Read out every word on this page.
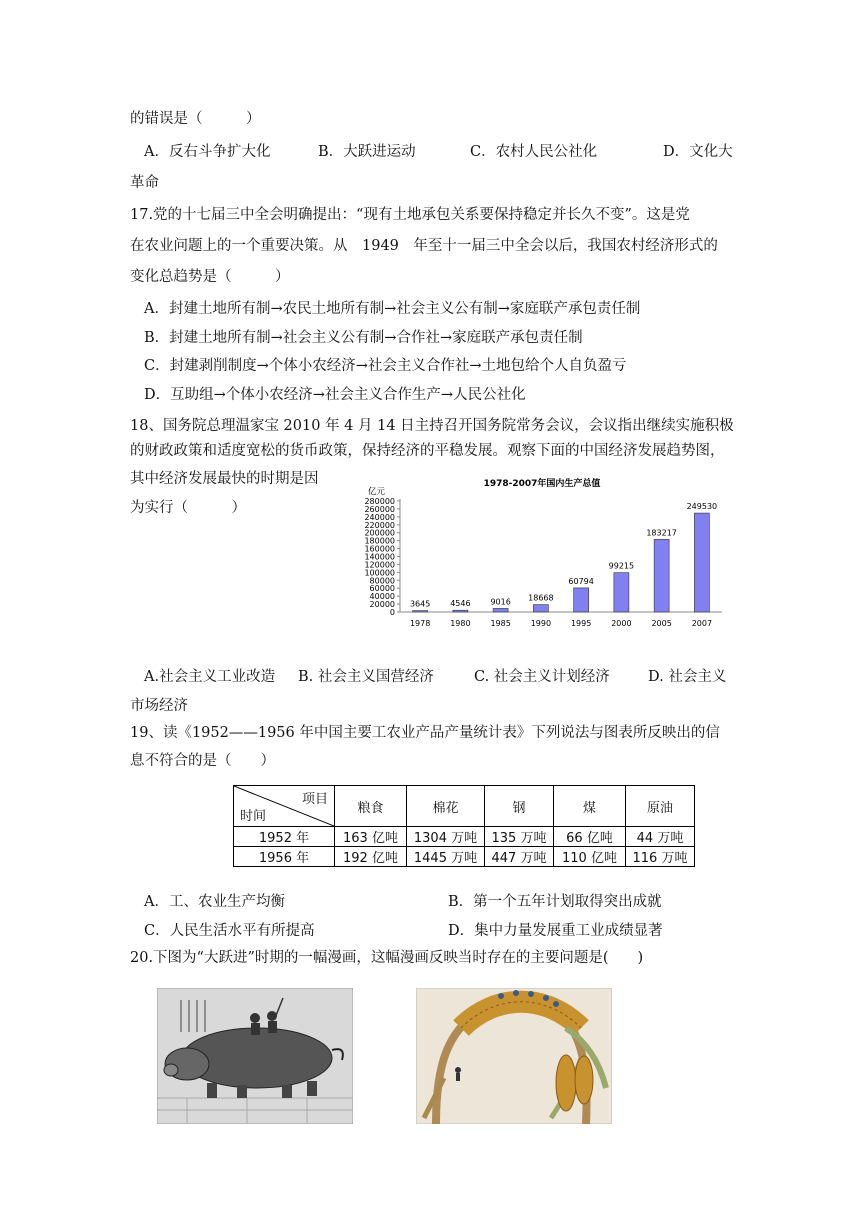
的错误是（　　　）
A．反右斗争扩大化	B．大跃进运动	C．农村人民公社化	D．文化大
革命
17.党的十七届三中全会明确提出：“现有土地承包关系要保持稳定并长久不变”。这是党
在农业问题上的一个重要决策。从　1949　年至十一届三中全会以后，我国农村经济形式的
变化总趋势是（　　　）
A．封建土地所有制→农民土地所有制→社会主义公有制→家庭联产承包责任制
B．封建土地所有制→社会主义公有制→合作社→家庭联产承包责任制
C．封建剥削制度→个体小农经济→社会主义合作社→土地包给个人自负盈亏
D．互助组→个体小农经济→社会主义合作生产→人民公社化
18、国务院总理温家宝 2010 年 4 月 14 日主持召开国务院常务会议，会议指出继续实施积极
的财政政策和适度宽松的货币政策，保持经济的平稳发展。观察下面的中国经济发展趋势图，
其中经济发展最快的时期是因
为实行（　　　）
1978-2007年国内生产总值
亿元
0
20000
40000
60000
80000
100000
120000
140000
160000
180000
200000
220000
240000
260000
280000
3645
1978
4546
1980
9016
1985
18668
1990
60794
1995
99215
2000
183217
2005
249530
2007
A.社会主义工业改造 B. 社会主义国营经济	C. 社会主义计划经济	D. 社会主义
市场经济
19、读《1952——1956 年中国主要工农业产品产量统计表》下列说法与图表所反映出的信
息不符合的是（　　）
项目
时间	粮食	棉花	钢	煤	原油
1952 年	163 亿吨	1304 万吨	135 万吨	66 亿吨	44 万吨
1956 年	192 亿吨	1445 万吨	447 万吨	110 亿吨	116 万吨
A．工、农业生产均衡	B．第一个五年计划取得突出成就
C．人民生活水平有所提高	D．集中力量发展重工业成绩显著
20.下图为“大跃进”时期的一幅漫画，这幅漫画反映当时存在的主要问题是(　　)
